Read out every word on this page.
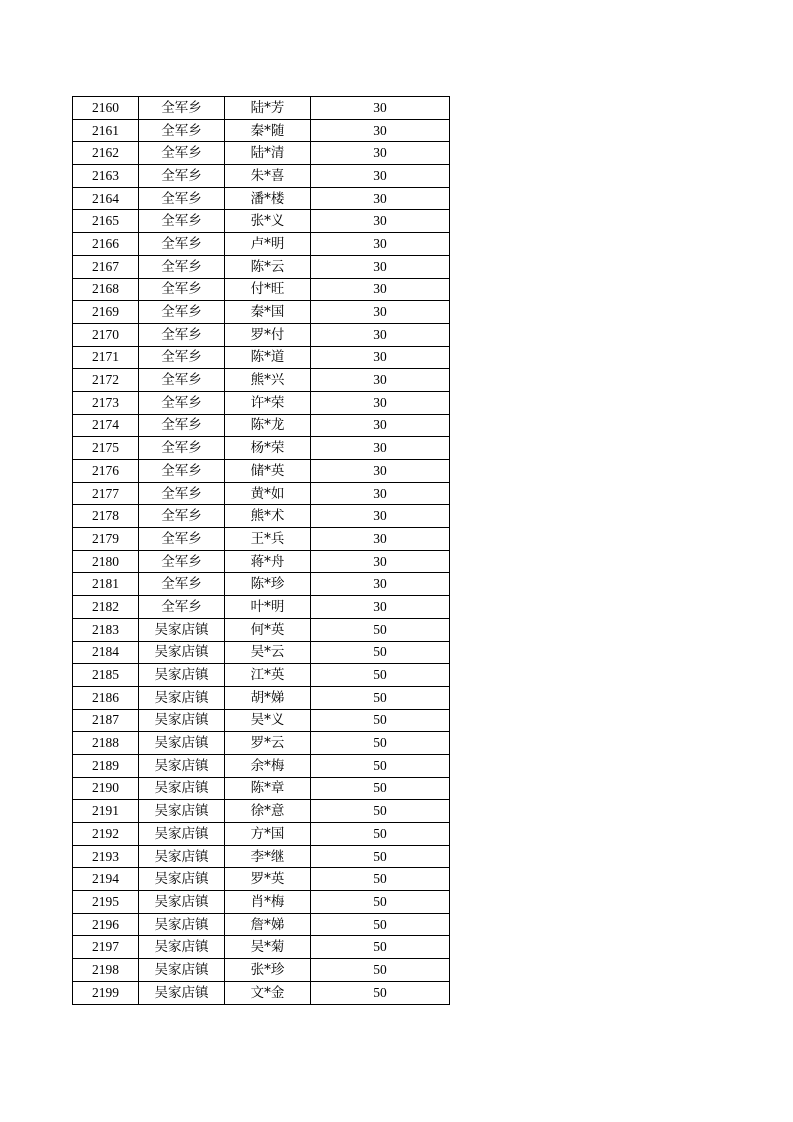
2160	全军乡	陆*芳	30
2161	全军乡	秦*随	30
2162	全军乡	陆*清	30
2163	全军乡	朱*喜	30
2164	全军乡	潘*楼	30
2165	全军乡	张*义	30
2166	全军乡	卢*明	30
2167	全军乡	陈*云	30
2168	全军乡	付*旺	30
2169	全军乡	秦*国	30
2170	全军乡	罗*付	30
2171	全军乡	陈*道	30
2172	全军乡	熊*兴	30
2173	全军乡	许*荣	30
2174	全军乡	陈*龙	30
2175	全军乡	杨*荣	30
2176	全军乡	储*英	30
2177	全军乡	黄*如	30
2178	全军乡	熊*术	30
2179	全军乡	王*兵	30
2180	全军乡	蒋*舟	30
2181	全军乡	陈*珍	30
2182	全军乡	叶*明	30
2183	吴家店镇	何*英	50
2184	吴家店镇	吴*云	50
2185	吴家店镇	江*英	50
2186	吴家店镇	胡*娣	50
2187	吴家店镇	吴*义	50
2188	吴家店镇	罗*云	50
2189	吴家店镇	余*梅	50
2190	吴家店镇	陈*章	50
2191	吴家店镇	徐*意	50
2192	吴家店镇	方*国	50
2193	吴家店镇	李*继	50
2194	吴家店镇	罗*英	50
2195	吴家店镇	肖*梅	50
2196	吴家店镇	詹*娣	50
2197	吴家店镇	吴*菊	50
2198	吴家店镇	张*珍	50
2199	吴家店镇	文*金	50
